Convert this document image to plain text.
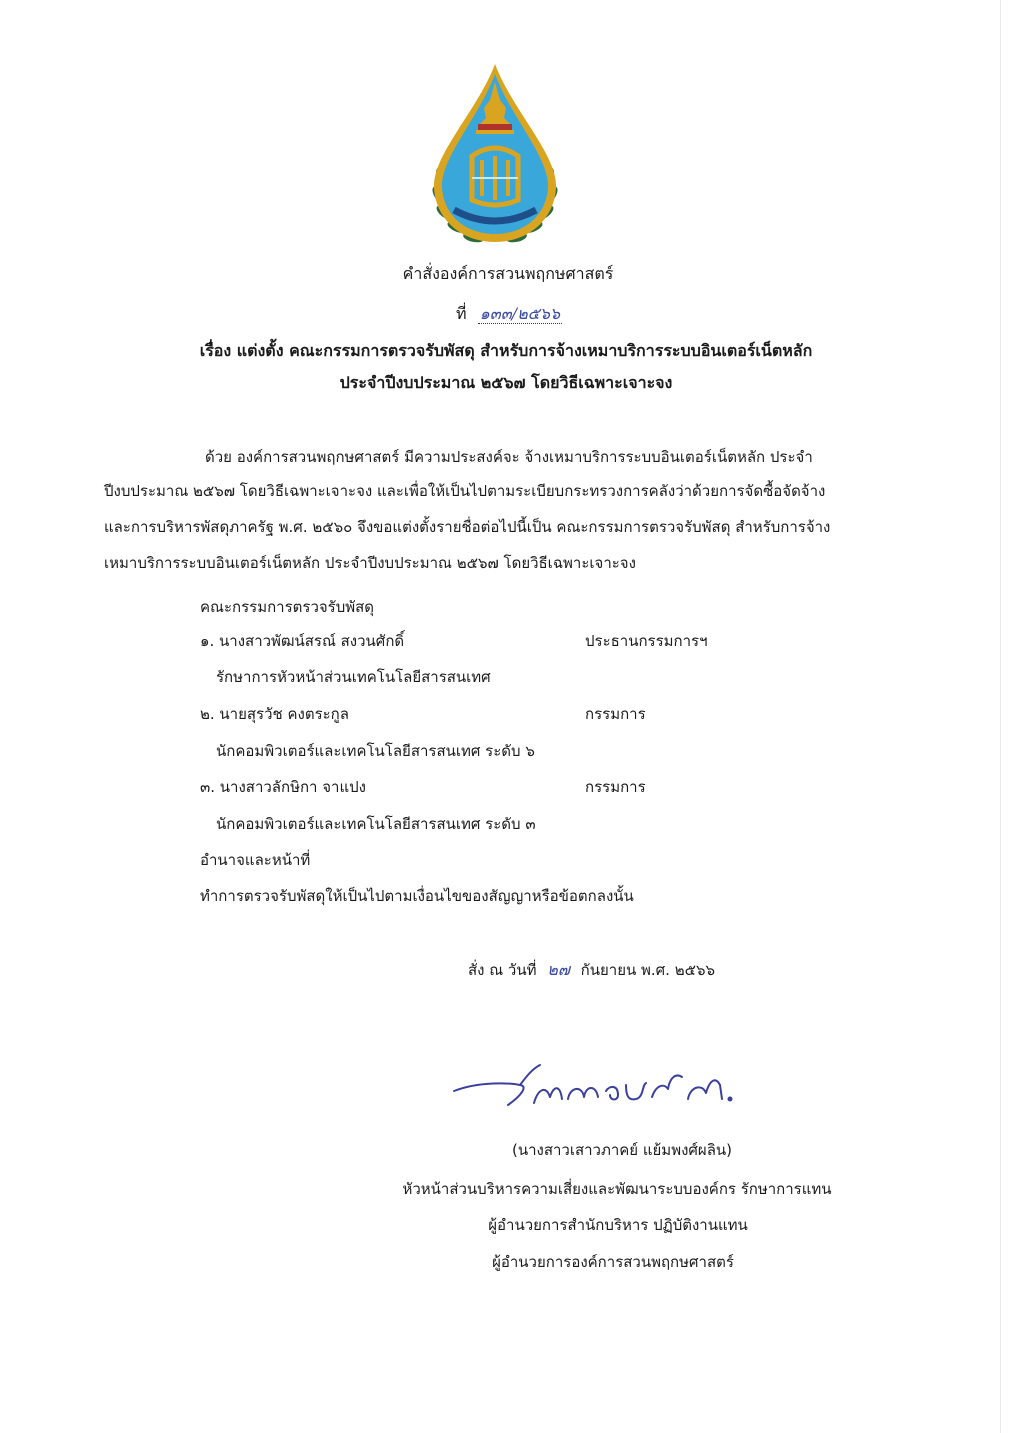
คำสั่งองค์การสวนพฤกษศาสตร์
ที่ ๑๓๓/๒๕๖๖
เรื่อง แต่งตั้ง คณะกรรมการตรวจรับพัสดุ สำหรับการจ้างเหมาบริการระบบอินเตอร์เน็ตหลัก
ประจำปีงบประมาณ ๒๕๖๗ โดยวิธีเฉพาะเจาะจง
ด้วย องค์การสวนพฤกษศาสตร์ มีความประสงค์จะ จ้างเหมาบริการระบบอินเตอร์เน็ตหลัก ประจำ
ปีงบประมาณ ๒๕๖๗ โดยวิธีเฉพาะเจาะจง และเพื่อให้เป็นไปตามระเบียบกระทรวงการคลังว่าด้วยการจัดซื้อจัดจ้าง
และการบริหารพัสดุภาครัฐ พ.ศ. ๒๕๖๐ จึงขอแต่งตั้งรายชื่อต่อไปนี้เป็น คณะกรรมการตรวจรับพัสดุ สำหรับการจ้าง
เหมาบริการระบบอินเตอร์เน็ตหลัก ประจำปีงบประมาณ ๒๕๖๗ โดยวิธีเฉพาะเจาะจง
คณะกรรมการตรวจรับพัสดุ
๑. นางสาวพัฒน์สรณ์ สงวนศักดิ์	ประธานกรรมการฯ
รักษาการหัวหน้าส่วนเทคโนโลยีสารสนเทศ
๒. นายสุรวัช คงตระกูล	กรรมการ
นักคอมพิวเตอร์และเทคโนโลยีสารสนเทศ ระดับ ๖
๓. นางสาวลักษิกา จาแปง	กรรมการ
นักคอมพิวเตอร์และเทคโนโลยีสารสนเทศ ระดับ ๓
อำนาจและหน้าที่
ทำการตรวจรับพัสดุให้เป็นไปตามเงื่อนไขของสัญญาหรือข้อตกลงนั้น
สั่ง ณ วันที่ ๒๗ กันยายน พ.ศ. ๒๕๖๖
(นางสาวเสาวภาคย์ แย้มพงศ์ผลิน)
หัวหน้าส่วนบริหารความเสี่ยงและพัฒนาระบบองค์กร รักษาการแทน
ผู้อำนวยการสำนักบริหาร ปฏิบัติงานแทน
ผู้อำนวยการองค์การสวนพฤกษศาสตร์
